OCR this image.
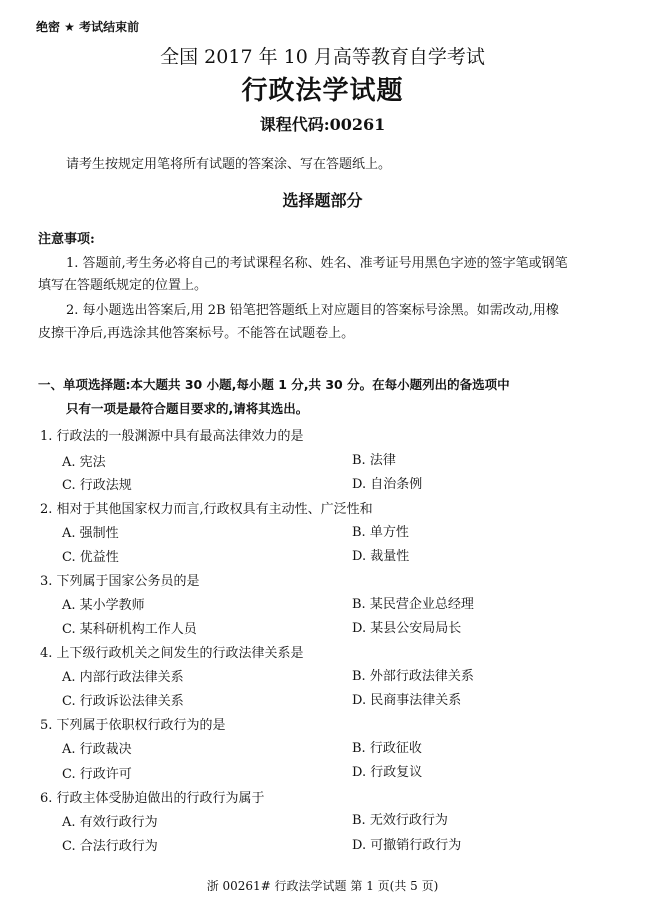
绝密 ★ 考试结束前
全国 2017 年 10 月高等教育自学考试
行政法学试题
课程代码:00261
请考生按规定用笔将所有试题的答案涂、写在答题纸上。
选择题部分
注意事项:
1. 答题前,考生务必将自己的考试课程名称、姓名、准考证号用黑色字迹的签字笔或钢笔
填写在答题纸规定的位置上。
2. 每小题选出答案后,用 2B 铅笔把答题纸上对应题目的答案标号涂黑。如需改动,用橡
皮擦干净后,再选涂其他答案标号。不能答在试题卷上。
一、单项选择题:本大题共 30 小题,每小题 1 分,共 30 分。在每小题列出的备选项中
只有一项是最符合题目要求的,请将其选出。
1. 行政法的一般渊源中具有最高法律效力的是
A. 宪法	B. 法律
C. 行政法规	D. 自治条例
2. 相对于其他国家权力而言,行政权具有主动性、广泛性和
A. 强制性	B. 单方性
C. 优益性	D. 裁量性
3. 下列属于国家公务员的是
A. 某小学教师	B. 某民营企业总经理
C. 某科研机构工作人员	D. 某县公安局局长
4. 上下级行政机关之间发生的行政法律关系是
A. 内部行政法律关系	B. 外部行政法律关系
C. 行政诉讼法律关系	D. 民商事法律关系
5. 下列属于依职权行政行为的是
A. 行政裁决	B. 行政征收
C. 行政许可	D. 行政复议
6. 行政主体受胁迫做出的行政行为属于
A. 有效行政行为	B. 无效行政行为
C. 合法行政行为	D. 可撤销行政行为
浙 00261# 行政法学试题 第 1 页(共 5 页)
